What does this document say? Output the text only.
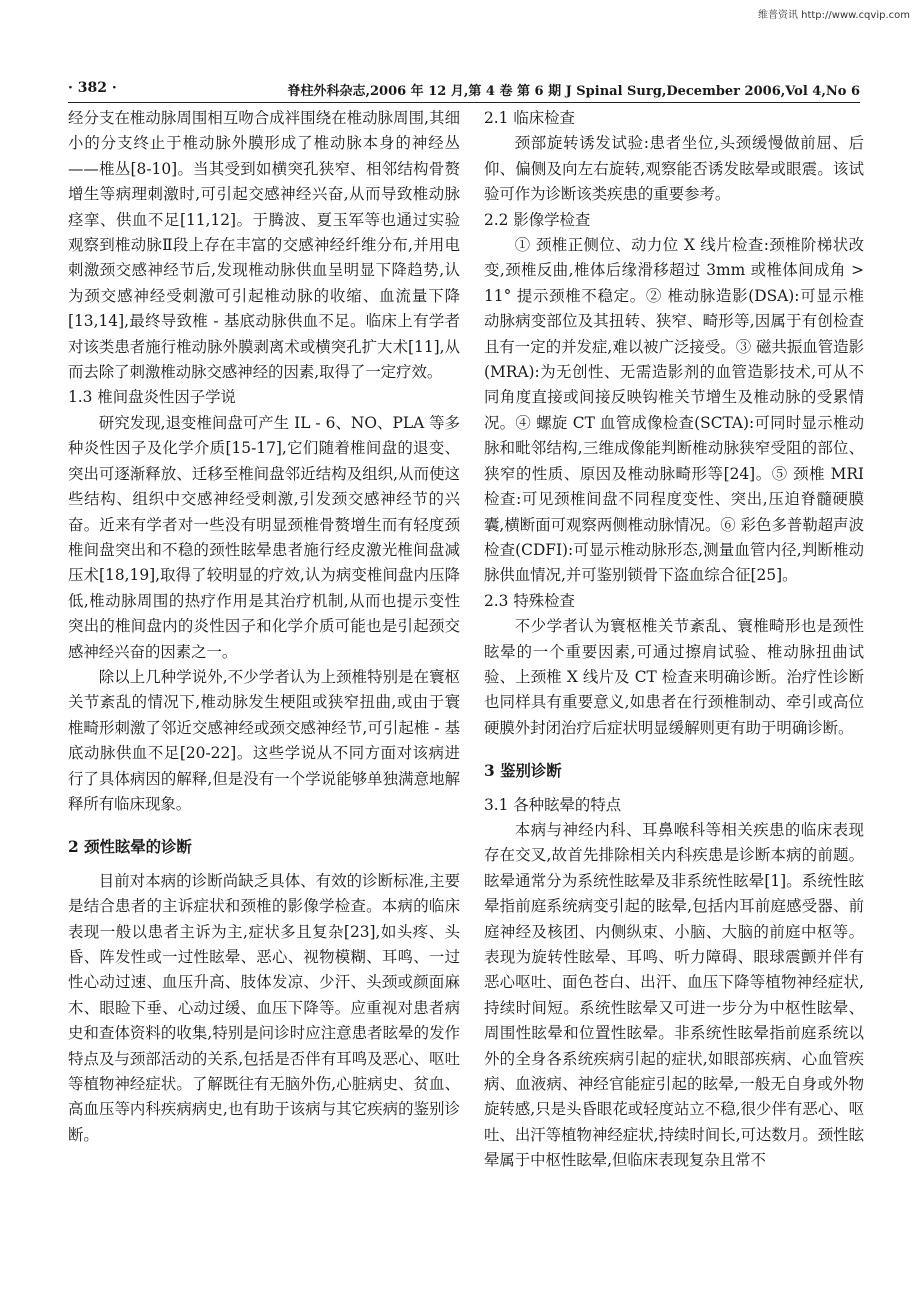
维普资讯 http://www.cqvip.com
· 382 ·	脊柱外科杂志,2006 年 12 月,第 4 卷 第 6 期 J Spinal Surg,December 2006,Vol 4,No 6

经分支在椎动脉周围相互吻合成袢围绕在椎动脉周围,其细小的分支终止于椎动脉外膜形成了椎动脉本身的神经丛——椎丛[8-10]。当其受到如横突孔狭窄、相邻结构骨赘增生等病理刺激时,可引起交感神经兴奋,从而导致椎动脉痉挛、供血不足[11,12]。于腾波、夏玉军等也通过实验观察到椎动脉Ⅱ段上存在丰富的交感神经纤维分布,并用电刺激颈交感神经节后,发现椎动脉供血呈明显下降趋势,认为颈交感神经受刺激可引起椎动脉的收缩、血流量下降[13,14],最终导致椎 - 基底动脉供血不足。临床上有学者对该类患者施行椎动脉外膜剥离术或横突孔扩大术[11],从而去除了刺激椎动脉交感神经的因素,取得了一定疗效。

1.3 椎间盘炎性因子学说

研究发现,退变椎间盘可产生 IL - 6、NO、PLA 等多种炎性因子及化学介质[15-17],它们随着椎间盘的退变、突出可逐渐释放、迁移至椎间盘邻近结构及组织,从而使这些结构、组织中交感神经受刺激,引发颈交感神经节的兴奋。近来有学者对一些没有明显颈椎骨赘增生而有轻度颈椎间盘突出和不稳的颈性眩晕患者施行经皮激光椎间盘减压术[18,19],取得了较明显的疗效,认为病变椎间盘内压降低,椎动脉周围的热疗作用是其治疗机制,从而也提示变性突出的椎间盘内的炎性因子和化学介质可能也是引起颈交感神经兴奋的因素之一。

除以上几种学说外,不少学者认为上颈椎特别是在寰枢关节紊乱的情况下,椎动脉发生梗阻或狭窄扭曲,或由于寰椎畸形刺激了邻近交感神经或颈交感神经节,可引起椎 - 基底动脉供血不足[20-22]。这些学说从不同方面对该病进行了具体病因的解释,但是没有一个学说能够单独满意地解释所有临床现象。

2 颈性眩晕的诊断

目前对本病的诊断尚缺乏具体、有效的诊断标准,主要是结合患者的主诉症状和颈椎的影像学检查。本病的临床表现一般以患者主诉为主,症状多且复杂[23],如头疼、头昏、阵发性或一过性眩晕、恶心、视物模糊、耳鸣、一过性心动过速、血压升高、肢体发凉、少汗、头颈或颜面麻木、眼睑下垂、心动过缓、血压下降等。应重视对患者病史和查体资料的收集,特别是问诊时应注意患者眩晕的发作特点及与颈部活动的关系,包括是否伴有耳鸣及恶心、呕吐等植物神经症状。了解既往有无脑外伤,心脏病史、贫血、高血压等内科疾病病史,也有助于该病与其它疾病的鉴别诊断。

2.1 临床检查

颈部旋转诱发试验:患者坐位,头颈缓慢做前屈、后仰、偏侧及向左右旋转,观察能否诱发眩晕或眼震。该试验可作为诊断该类疾患的重要参考。

2.2 影像学检查

① 颈椎正侧位、动力位 X 线片检查:颈椎阶梯状改变,颈椎反曲,椎体后缘滑移超过 3mm 或椎体间成角 > 11° 提示颈椎不稳定。② 椎动脉造影(DSA):可显示椎动脉病变部位及其扭转、狭窄、畸形等,因属于有创检查且有一定的并发症,难以被广泛接受。③ 磁共振血管造影(MRA):为无创性、无需造影剂的血管造影技术,可从不同角度直接或间接反映钩椎关节增生及椎动脉的受累情况。④ 螺旋 CT 血管成像检查(SCTA):可同时显示椎动脉和毗邻结构,三维成像能判断椎动脉狭窄受阻的部位、狭窄的性质、原因及椎动脉畸形等[24]。⑤ 颈椎 MRI 检查:可见颈椎间盘不同程度变性、突出,压迫脊髓硬膜囊,横断面可观察两侧椎动脉情况。⑥ 彩色多普勒超声波检查(CDFI):可显示椎动脉形态,测量血管内径,判断椎动脉供血情况,并可鉴别锁骨下盗血综合征[25]。

2.3 特殊检查

不少学者认为寰枢椎关节紊乱、寰椎畸形也是颈性眩晕的一个重要因素,可通过擦肩试验、椎动脉扭曲试验、上颈椎 X 线片及 CT 检查来明确诊断。治疗性诊断也同样具有重要意义,如患者在行颈椎制动、牵引或高位硬膜外封闭治疗后症状明显缓解则更有助于明确诊断。

3 鉴别诊断
3.1 各种眩晕的特点

本病与神经内科、耳鼻喉科等相关疾患的临床表现存在交叉,故首先排除相关内科疾患是诊断本病的前题。眩晕通常分为系统性眩晕及非系统性眩晕[1]。系统性眩晕指前庭系统病变引起的眩晕,包括内耳前庭感受器、前庭神经及核团、内侧纵束、小脑、大脑的前庭中枢等。表现为旋转性眩晕、耳鸣、听力障碍、眼球震颤并伴有恶心呕吐、面色苍白、出汗、血压下降等植物神经症状,持续时间短。系统性眩晕又可进一步分为中枢性眩晕、周围性眩晕和位置性眩晕。非系统性眩晕指前庭系统以外的全身各系统疾病引起的症状,如眼部疾病、心血管疾病、血液病、神经官能症引起的眩晕,一般无自身或外物旋转感,只是头昏眼花或轻度站立不稳,很少伴有恶心、呕吐、出汗等植物神经症状,持续时间长,可达数月。颈性眩晕属于中枢性眩晕,但临床表现复杂且常不
